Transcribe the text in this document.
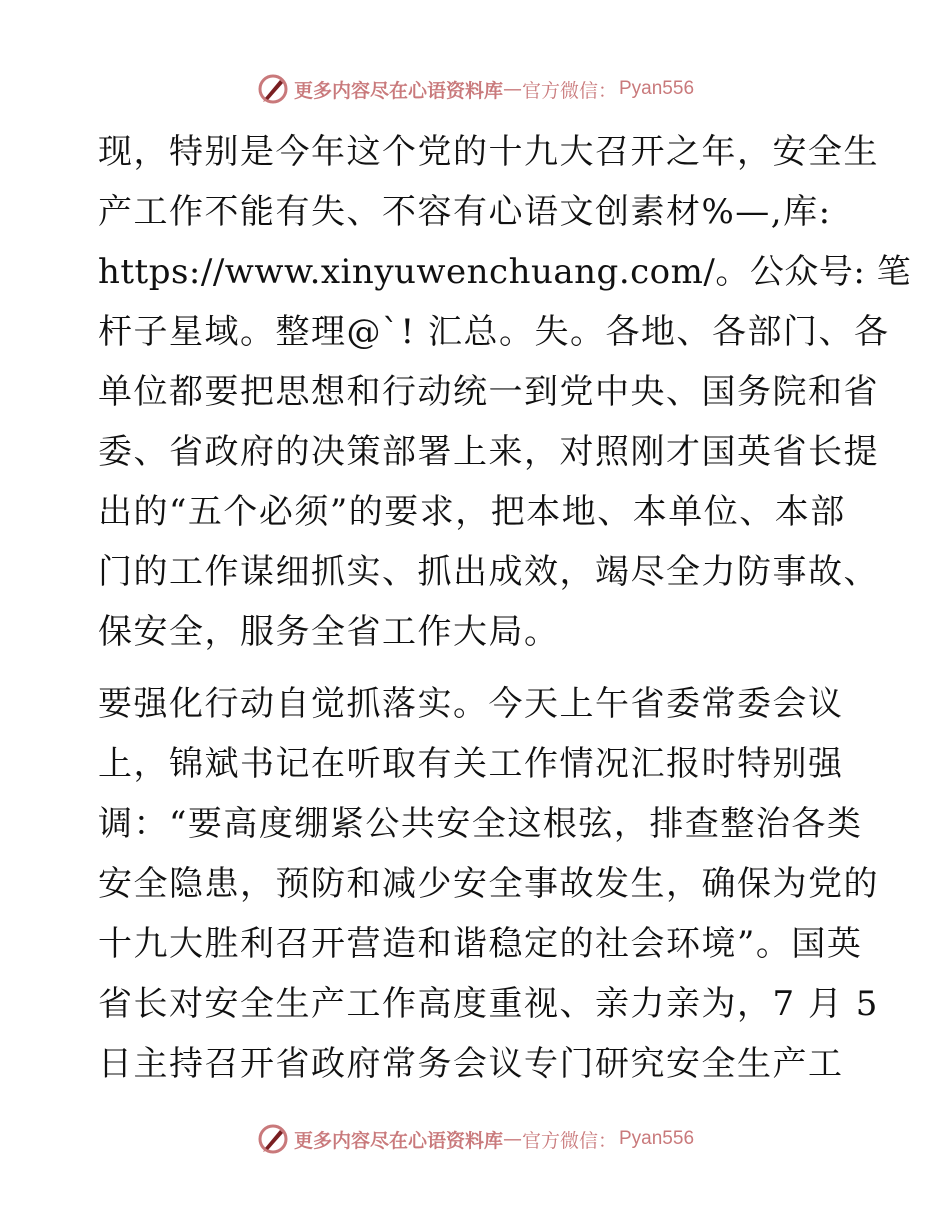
更多内容尽在心语资料库 — 官方微信： Pyan556
现，特别是今年这个党的十九大召开之年，安全生
产工作不能有失、不容有心语文创素材%—,库:
https://www.xinyuwenchuang.com/。公众号: 笔
杆子星域。整理@`! 汇总。失。各地、各部门、各
单位都要把思想和行动统一到党中央、国务院和省
委、省政府的决策部署上来，对照刚才国英省长提
出的“五个必须”的要求，把本地、本单位、本部
门的工作谋细抓实、抓出成效，竭尽全力防事故、
保安全，服务全省工作大局。
要强化行动自觉抓落实。今天上午省委常委会议
上，锦斌书记在听取有关工作情况汇报时特别强
调：“要高度绷紧公共安全这根弦，排查整治各类
安全隐患，预防和减少安全事故发生，确保为党的
十九大胜利召开营造和谐稳定的社会环境”。国英
省长对安全生产工作高度重视、亲力亲为，7 月 5
日主持召开省政府常务会议专门研究安全生产工
更多内容尽在心语资料库 — 官方微信： Pyan556
